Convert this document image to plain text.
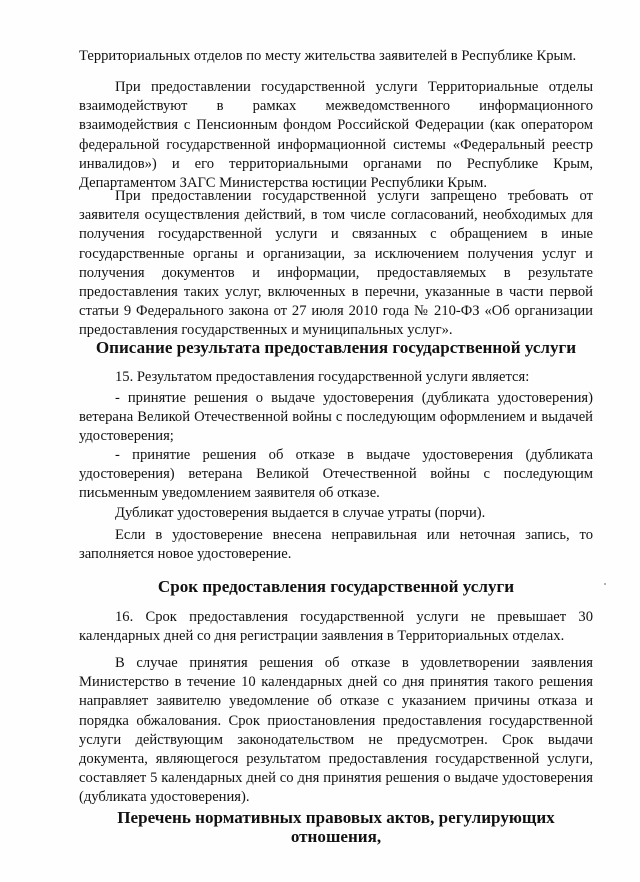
Территориальных отделов по месту жительства заявителей в Республике Крым.

При предоставлении государственной услуги Территориальные отделы взаимодействуют в рамках межведомственного информационного взаимодействия с Пенсионным фондом Российской Федерации (как оператором федеральной государственной информационной системы «Федеральный реестр инвалидов») и его территориальными органами по Республике Крым, Департаментом ЗАГС Министерства юстиции Республики Крым.

При предоставлении государственной услуги запрещено требовать от заявителя осуществления действий, в том числе согласований, необходимых для получения государственной услуги и связанных с обращением в иные государственные органы и организации, за исключением получения услуг и получения документов и информации, предоставляемых в результате предоставления таких услуг, включенных в перечни, указанные в части первой статьи 9 Федерального закона от 27 июля 2010 года № 210-ФЗ «Об организации предоставления государственных и муниципальных услуг».

Описание результата предоставления государственной услуги

15. Результатом предоставления государственной услуги является:

- принятие решения о выдаче удостоверения (дубликата удостоверения) ветерана Великой Отечественной войны с последующим оформлением и выдачей удостоверения;

- принятие решения об отказе в выдаче удостоверения (дубликата удостоверения) ветерана Великой Отечественной войны с последующим письменным уведомлением заявителя об отказе.

Дубликат удостоверения выдается в случае утраты (порчи).

Если в удостоверение внесена неправильная или неточная запись, то заполняется новое удостоверение.

Срок предоставления государственной услуги

16. Срок предоставления государственной услуги не превышает 30 календарных дней со дня регистрации заявления в Территориальных отделах.

В случае принятия решения об отказе в удовлетворении заявления Министерство в течение 10 календарных дней со дня принятия такого решения направляет заявителю уведомление об отказе с указанием причины отказа и порядка обжалования. Срок приостановления предоставления государственной услуги действующим законодательством не предусмотрен. Срок выдачи документа, являющегося результатом предоставления государственной услуги, составляет 5 календарных дней со дня принятия решения о выдаче удостоверения (дубликата удостоверения).

Перечень нормативных правовых актов, регулирующих отношения,
